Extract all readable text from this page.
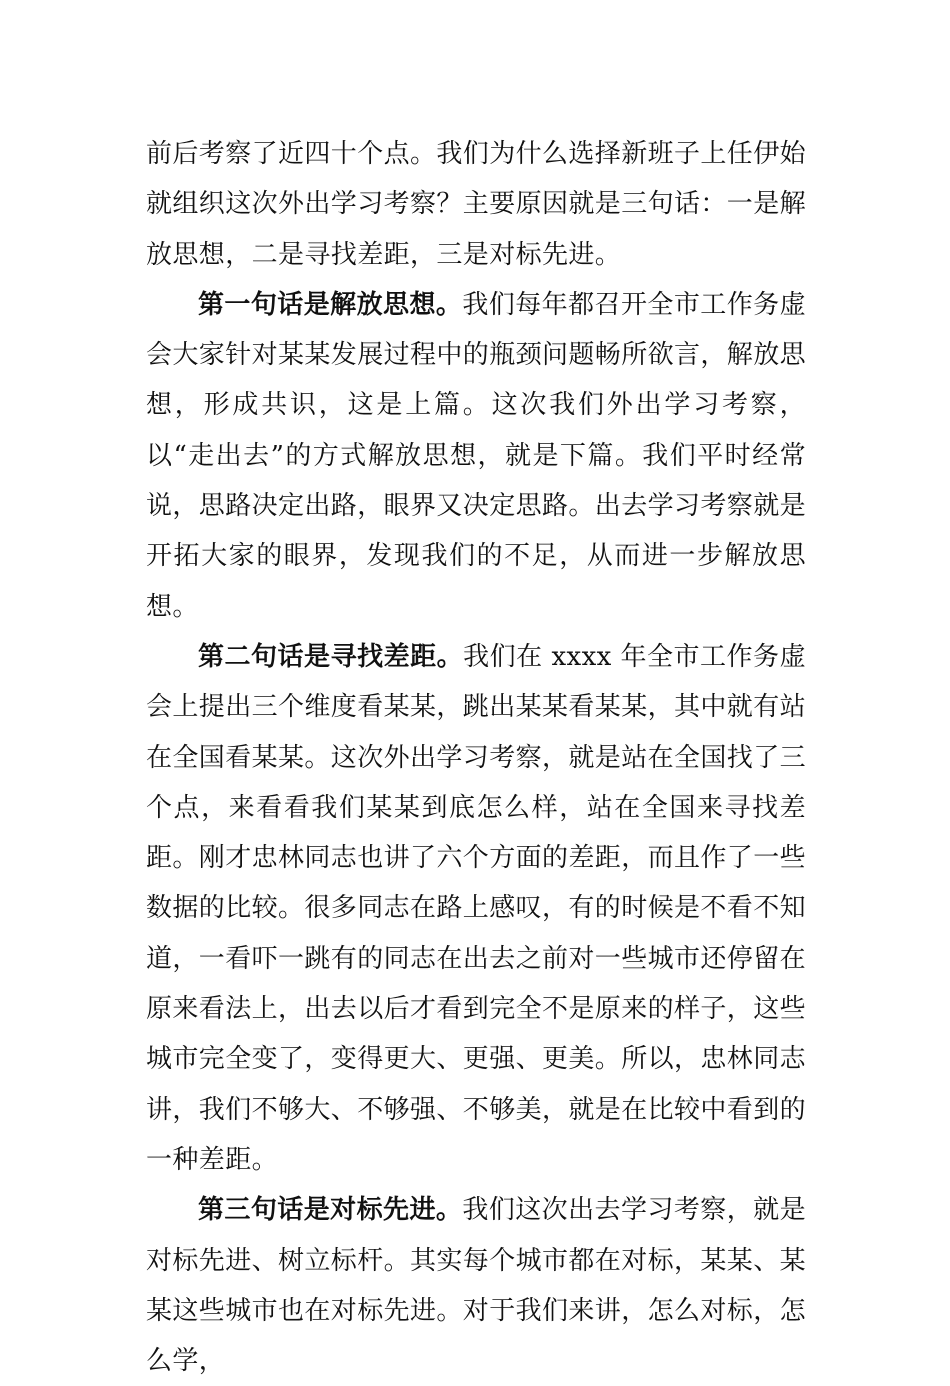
前后考察了近四十个点。我们为什么选择新班子上任伊始就组织这次外出学习考察？主要原因就是三句话：一是解放思想，二是寻找差距，三是对标先进。

第一句话是解放思想。我们每年都召开全市工作务虚会大家针对某某发展过程中的瓶颈问题畅所欲言，解放思想，形成共识，这是上篇。这次我们外出学习考察，以“走出去”的方式解放思想，就是下篇。我们平时经常说，思路决定出路，眼界又决定思路。出去学习考察就是开拓大家的眼界，发现我们的不足，从而进一步解放思想。

第二句话是寻找差距。我们在 xxxx 年全市工作务虚会上提出三个维度看某某，跳出某某看某某，其中就有站在全国看某某。这次外出学习考察，就是站在全国找了三个点，来看看我们某某到底怎么样，站在全国来寻找差距。刚才忠林同志也讲了六个方面的差距，而且作了一些数据的比较。很多同志在路上感叹，有的时候是不看不知道，一看吓一跳有的同志在出去之前对一些城市还停留在原来看法上，出去以后才看到完全不是原来的样子，这些城市完全变了，变得更大、更强、更美。所以，忠林同志讲，我们不够大、不够强、不够美，就是在比较中看到的一种差距。

第三句话是对标先进。我们这次出去学习考察，就是对标先进、树立标杆。其实每个城市都在对标，某某、某某这些城市也在对标先进。对于我们来讲，怎么对标，怎么学，
